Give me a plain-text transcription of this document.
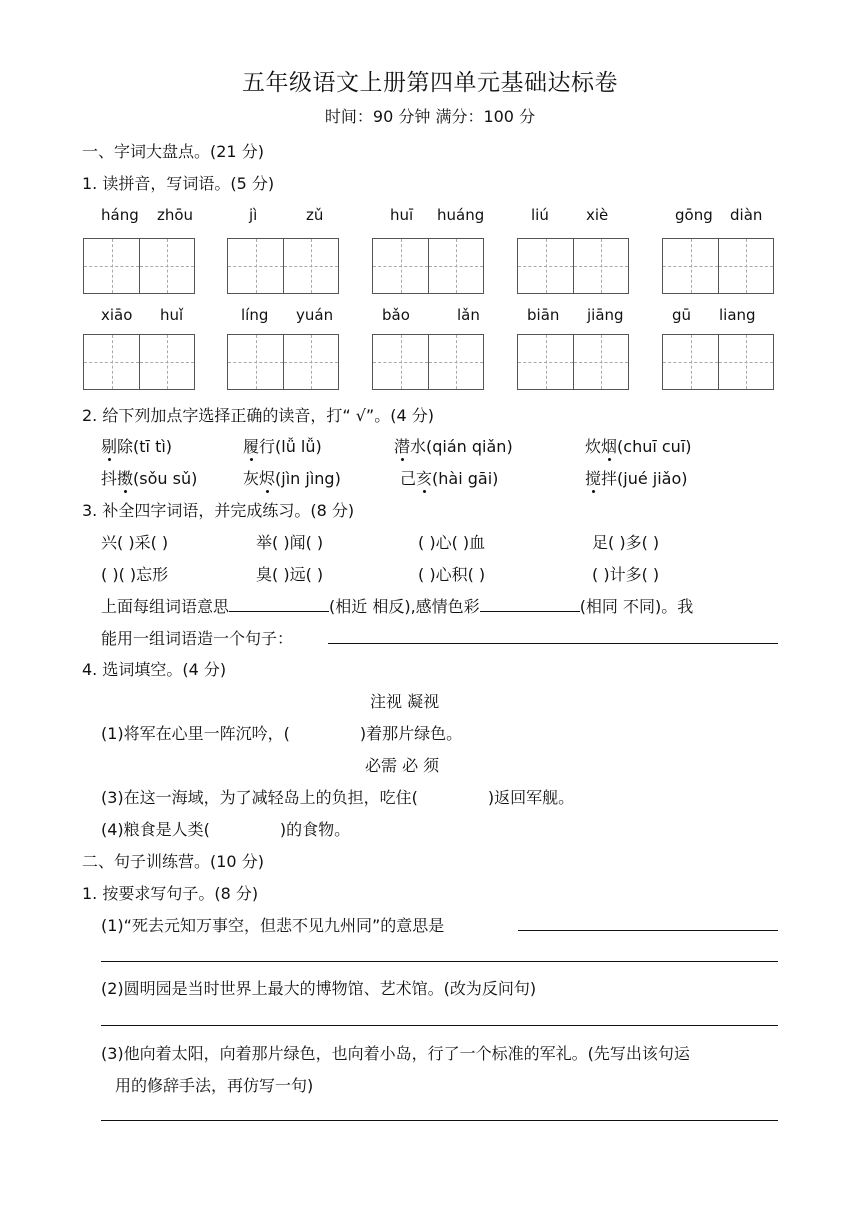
五年级语文上册第四单元基础达标卷
时间：90 分钟 满分：100 分
一、字词大盘点。(21 分)
1. 读拼音，写词语。(5 分)
háng zhōu	jì	zǔ	huī huáng	liú xiè	gōng diàn
xiāo huǐ	líng yuán	bǎo	lǎn	biān jiāng	gū liang
2. 给下列加点字选择正确的读音，打“ √”。(4 分)
剔除(tī tì)	履行(lǚ lǚ)	潜水(qián qiǎn)	炊烟(chuī cuī)
抖擞(sǒu sǔ)	灰烬(jìn jìng)	己亥(hài gāi)	搅拌(jué jiǎo)
3. 补全四字词语，并完成练习。(8 分)
兴( )采( )	举( )闻( )	( )心( )血	足( )多( )
( )( )忘形	臭( )远( )	( )心积( )	( )计多( )
上面每组词语意思	(相近 相反),感情色彩	(相同 不同)。我
能用一组词语造一个句子：
4. 选词填空。(4 分)
注视 凝视
(1)将军在心里一阵沉吟，(	)着那片绿色。
必需 必 须
(3)在这一海域，为了减轻岛上的负担，吃住(	)返回军舰。
(4)粮食是人类(	)的食物。
二、句子训练营。(10 分)
1. 按要求写句子。(8 分)
(1)“死去元知万事空，但悲不见九州同”的意思是
(2)圆明园是当时世界上最大的博物馆、艺术馆。(改为反问句)
(3)他向着太阳，向着那片绿色，也向着小岛，行了一个标准的军礼。(先写出该句运
用的修辞手法，再仿写一句)
